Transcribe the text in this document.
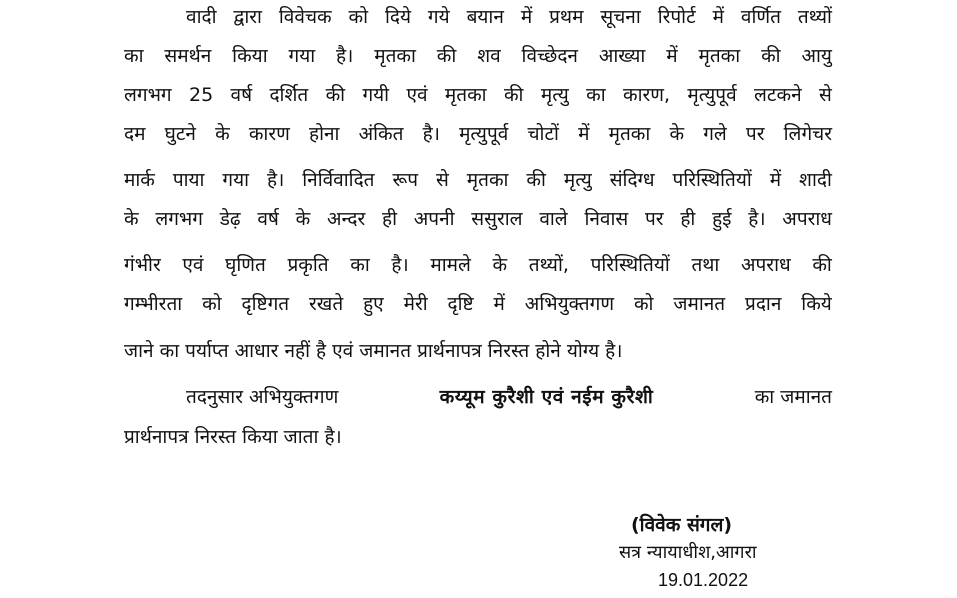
वादी द्वारा विवेचक को दिये गये बयान में प्रथम सूचना रिपोर्ट में वर्णित तथ्यों
का समर्थन किया गया है। मृतका की शव विच्छेदन आख्या में मृतका की आयु
लगभग 25 वर्ष दर्शित की गयी एवं मृतका की मृत्यु का कारण, मृत्युपूर्व लटकने से
दम घुटने के कारण होना अंकित है। मृत्युपूर्व चोटों में मृतका के गले पर लिगेचर
मार्क पाया गया है। निर्विवादित रूप से मृतका की मृत्यु संदिग्ध परिस्थितियों में शादी
के लगभग डेढ़ वर्ष के अन्दर ही अपनी ससुराल वाले निवास पर ही हुई है। अपराध
गंभीर एवं घृणित प्रकृति का है। मामले के तथ्यों, परिस्थितियों तथा अपराध की
गम्भीरता को दृष्टिगत रखते हुए मेरी दृष्टि में अभियुक्तगण को जमानत प्रदान किये
जाने का पर्याप्त आधार नहीं है एवं जमानत प्रार्थनापत्र निरस्त होने योग्य है।
तदनुसार अभियुक्तगण	कय्यूम कुरैशी एवं नईम कुरैशी	का जमानत
प्रार्थनापत्र निरस्त किया जाता है।
(विवेक संगल)
सत्र न्यायाधीश,आगरा
19.01.2022
